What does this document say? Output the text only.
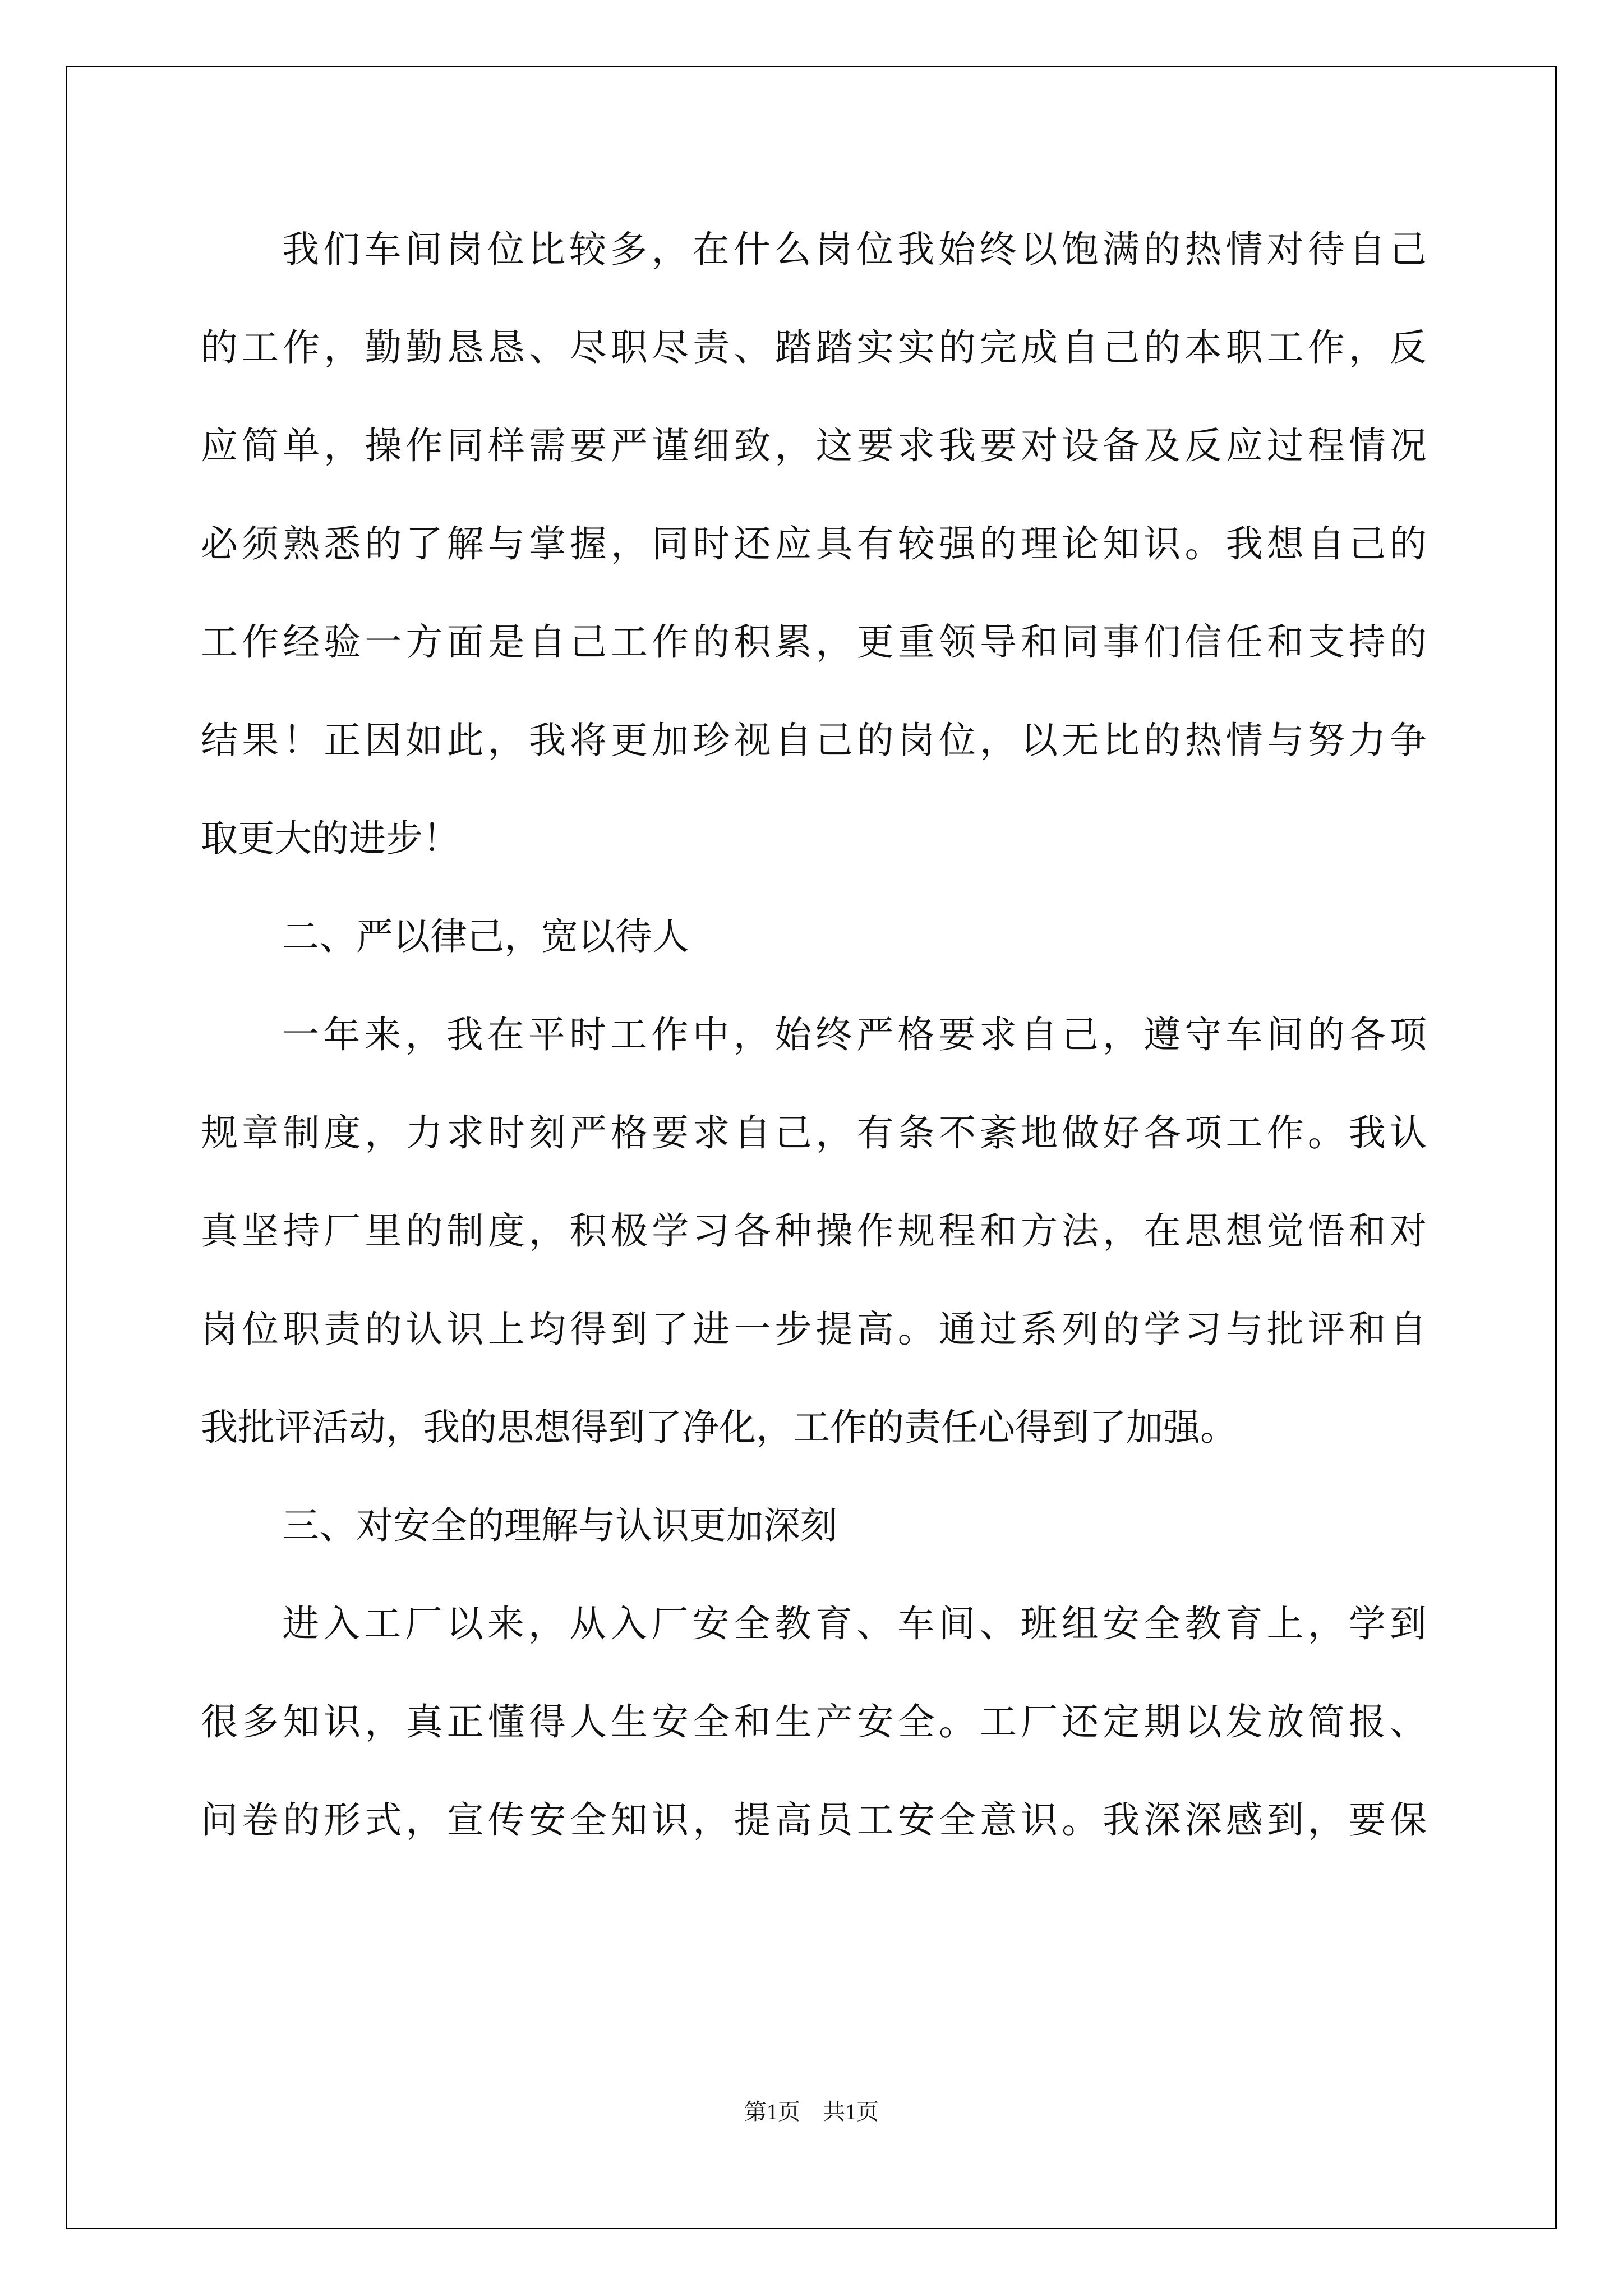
我们车间岗位比较多，在什么岗位我始终以饱满的热情对待自己

的工作，勤勤恳恳、尽职尽责、踏踏实实的完成自己的本职工作，反

应简单，操作同样需要严谨细致，这要求我要对设备及反应过程情况

必须熟悉的了解与掌握，同时还应具有较强的理论知识。我想自己的

工作经验一方面是自己工作的积累，更重领导和同事们信任和支持的

结果！正因如此，我将更加珍视自己的岗位，以无比的热情与努力争

取更大的进步！

二、严以律己，宽以待人

一年来，我在平时工作中，始终严格要求自己，遵守车间的各项

规章制度，力求时刻严格要求自己，有条不紊地做好各项工作。我认

真坚持厂里的制度，积极学习各种操作规程和方法，在思想觉悟和对

岗位职责的认识上均得到了进一步提高。通过系列的学习与批评和自

我批评活动，我的思想得到了净化，工作的责任心得到了加强。

三、对安全的理解与认识更加深刻

进入工厂以来，从入厂安全教育、车间、班组安全教育上，学到

很多知识，真正懂得人生安全和生产安全。工厂还定期以发放简报、

问卷的形式，宣传安全知识，提高员工安全意识。我深深感到，要保

第1页　共1页
